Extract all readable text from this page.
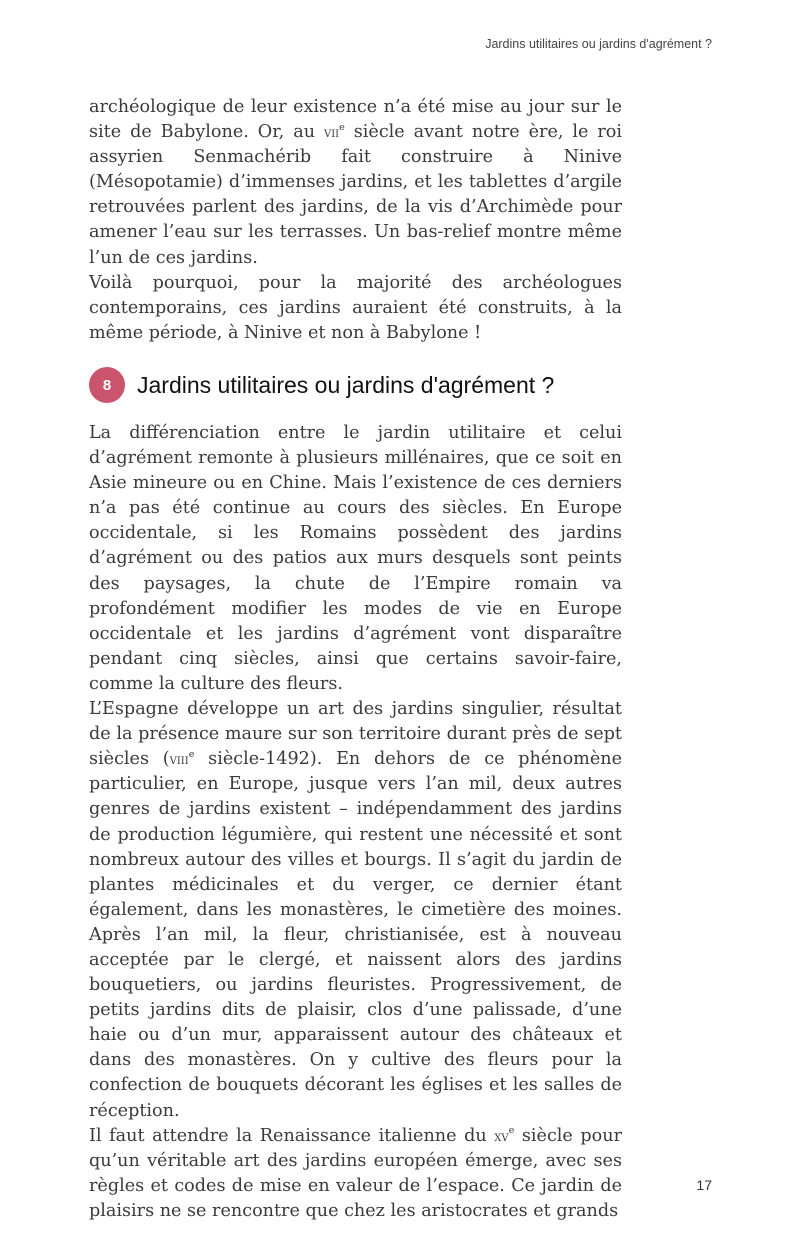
Jardins utilitaires ou jardins d'agrément ?

archéologique de leur existence n’a été mise au jour sur le site de Babylone. Or, au vii$^e$ siècle avant notre ère, le roi assyrien Senmachérib fait construire à Ninive (Mésopotamie) d’immenses jardins, et les tablettes d’argile retrouvées parlent des jardins, de la vis d’Archimède pour amener l’eau sur les terrasses. Un bas-relief montre même l’un de ces jardins.

Voilà pourquoi, pour la majorité des archéologues contemporains, ces jardins auraient été construits, à la même période, à Ninive et non à Babylone !

8	Jardins utilitaires ou jardins d'agrément ?

La différenciation entre le jardin utilitaire et celui d’agrément remonte à plusieurs millénaires, que ce soit en Asie mineure ou en Chine. Mais l’existence de ces derniers n’a pas été continue au cours des siècles. En Europe occidentale, si les Romains possèdent des jardins d’agrément ou des patios aux murs desquels sont peints des paysages, la chute de l’Empire romain va profondément modifier les modes de vie en Europe occidentale et les jardins d’agrément vont disparaître pendant cinq siècles, ainsi que certains savoir-faire, comme la culture des fleurs.

L’Espagne développe un art des jardins singulier, résultat de la présence maure sur son territoire durant près de sept siècles (viii$^e$ siècle-1492). En dehors de ce phénomène particulier, en Europe, jusque vers l’an mil, deux autres genres de jardins existent – indépendamment des jardins de production légumière, qui restent une nécessité et sont nombreux autour des villes et bourgs. Il s’agit du jardin de plantes médicinales et du verger, ce dernier étant également, dans les monastères, le cimetière des moines. Après l’an mil, la fleur, christianisée, est à nouveau acceptée par le clergé, et naissent alors des jardins bouquetiers, ou jardins fleuristes. Progressivement, de petits jardins dits de plaisir, clos d’une palissade, d’une haie ou d’un mur, apparaissent autour des châteaux et dans des monastères. On y cultive des fleurs pour la confection de bouquets décorant les églises et les salles de réception.

Il faut attendre la Renaissance italienne du $xv^e$ siècle pour qu’un véritable art des jardins européen émerge, avec ses règles et codes de mise en valeur de l’espace. Ce jardin de plaisirs ne se rencontre que chez les aristocrates et grands

17
